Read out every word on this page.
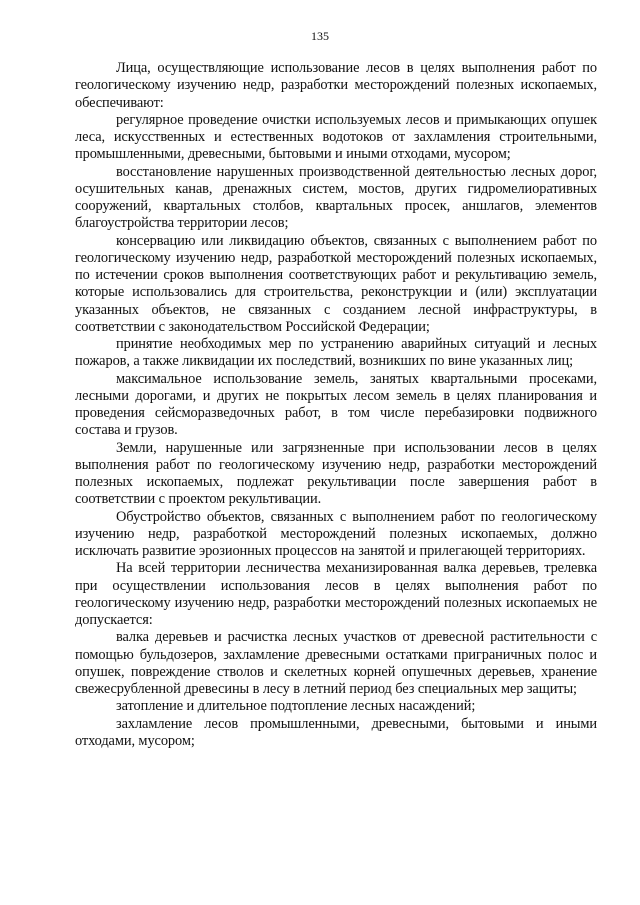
135

Лица, осуществляющие использование лесов в целях выполнения работ по геологическому изучению недр, разработки месторождений полезных ископаемых, обеспечивают:

регулярное проведение очистки используемых лесов и примыкающих опушек леса, искусственных и естественных водотоков от захламления строительными, промышленными, древесными, бытовыми и иными отходами, мусором;

восстановление нарушенных производственной деятельностью лесных дорог, осушительных канав, дренажных систем, мостов, других гидромелиоративных сооружений, квартальных столбов, квартальных просек, аншлагов, элементов благоустройства территории лесов;

консервацию или ликвидацию объектов, связанных с выполнением работ по геологическому изучению недр, разработкой месторождений полезных ископаемых, по истечении сроков выполнения соответствующих работ и рекультивацию земель, которые использовались для строительства, реконструкции и (или) эксплуатации указанных объектов, не связанных с созданием лесной инфраструктуры, в соответствии с законодательством Российской Федерации;

принятие необходимых мер по устранению аварийных ситуаций и лесных пожаров, а также ликвидации их последствий, возникших по вине указанных лиц;

максимальное использование земель, занятых квартальными просеками, лесными дорогами, и других не покрытых лесом земель в целях планирования и проведения сейсморазведочных работ, в том числе перебазировки подвижного состава и грузов.

Земли, нарушенные или загрязненные при использовании лесов в целях выполнения работ по геологическому изучению недр, разработки месторождений полезных ископаемых, подлежат рекультивации после завершения работ в соответствии с проектом рекультивации.

Обустройство объектов, связанных с выполнением работ по геологическому изучению недр, разработкой месторождений полезных ископаемых, должно исключать развитие эрозионных процессов на занятой и прилегающей территориях.

На всей территории лесничества механизированная валка деревьев, трелевка при осуществлении использования лесов в целях выполнения работ по геологическому изучению недр, разработки месторождений полезных ископаемых не допускается:

валка деревьев и расчистка лесных участков от древесной растительности с помощью бульдозеров, захламление древесными остатками приграничных полос и опушек, повреждение стволов и скелетных корней опушечных деревьев, хранение свежесрубленной древесины в лесу в летний период без специальных мер защиты;

затопление и длительное подтопление лесных насаждений;

захламление лесов промышленными, древесными, бытовыми и иными отходами, мусором;
